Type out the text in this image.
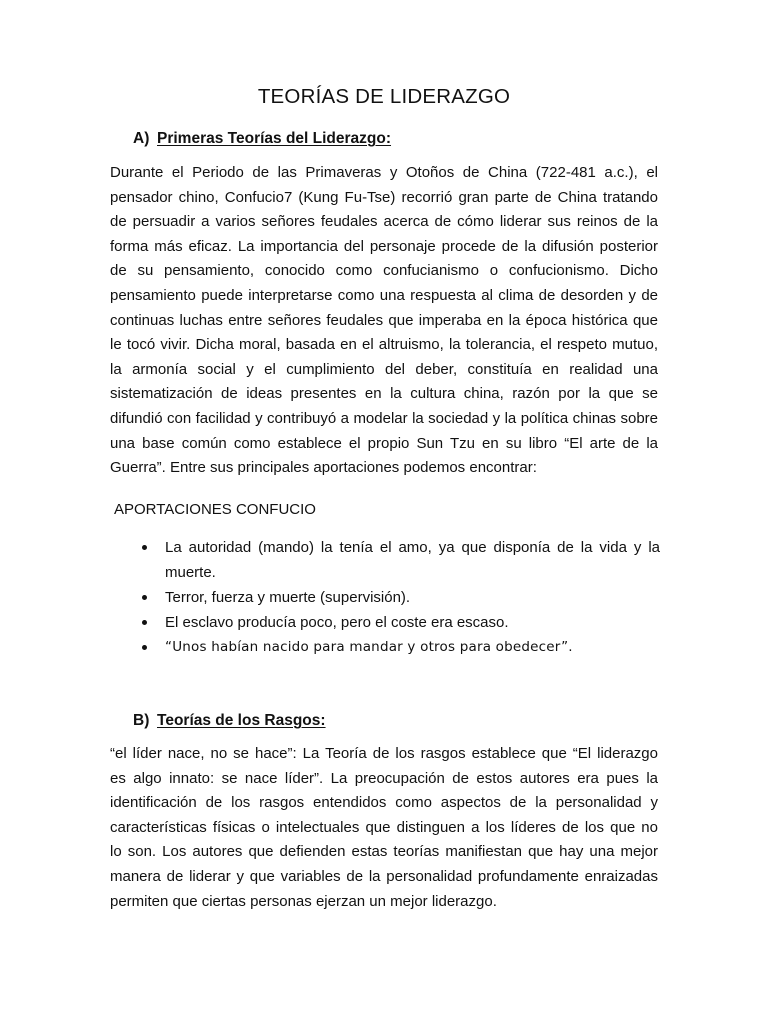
TEORÍAS DE LIDERAZGO
A) Primeras Teorías del Liderazgo:
Durante el Periodo de las Primaveras y Otoños de China (722-481 a.c.), el
pensador chino, Confucio7 (Kung Fu-Tse) recorrió gran parte de China tratando
de persuadir a varios señores feudales acerca de cómo liderar sus reinos de la
forma más eficaz. La importancia del personaje procede de la difusión posterior
de su pensamiento, conocido como confucianismo o confucionismo. Dicho
pensamiento puede interpretarse como una respuesta al clima de desorden y de
continuas luchas entre señores feudales que imperaba en la época histórica que
le tocó vivir. Dicha moral, basada en el altruismo, la tolerancia, el respeto mutuo,
la armonía social y el cumplimiento del deber, constituía en realidad una
sistematización de ideas presentes en la cultura china, razón por la que se
difundió con facilidad y contribuyó a modelar la sociedad y la política chinas sobre
una base común como establece el propio Sun Tzu en su libro “El arte de la
Guerra”. Entre sus principales aportaciones podemos encontrar:
APORTACIONES CONFUCIO
La autoridad (mando) la tenía el amo, ya que disponía de la vida y la muerte.
Terror, fuerza y muerte (supervisión).
El esclavo producía poco, pero el coste era escaso.
“Unos habían nacido para mandar y otros para obedecer”.
B) Teorías de los Rasgos:
“el líder nace, no se hace”: La Teoría de los rasgos establece que “El liderazgo
es algo innato: se nace líder”. La preocupación de estos autores era pues la
identificación de los rasgos entendidos como aspectos de la personalidad y
características físicas o intelectuales que distinguen a los líderes de los que no
lo son. Los autores que defienden estas teorías manifiestan que hay una mejor
manera de liderar y que variables de la personalidad profundamente enraizadas
permiten que ciertas personas ejerzan un mejor liderazgo.
